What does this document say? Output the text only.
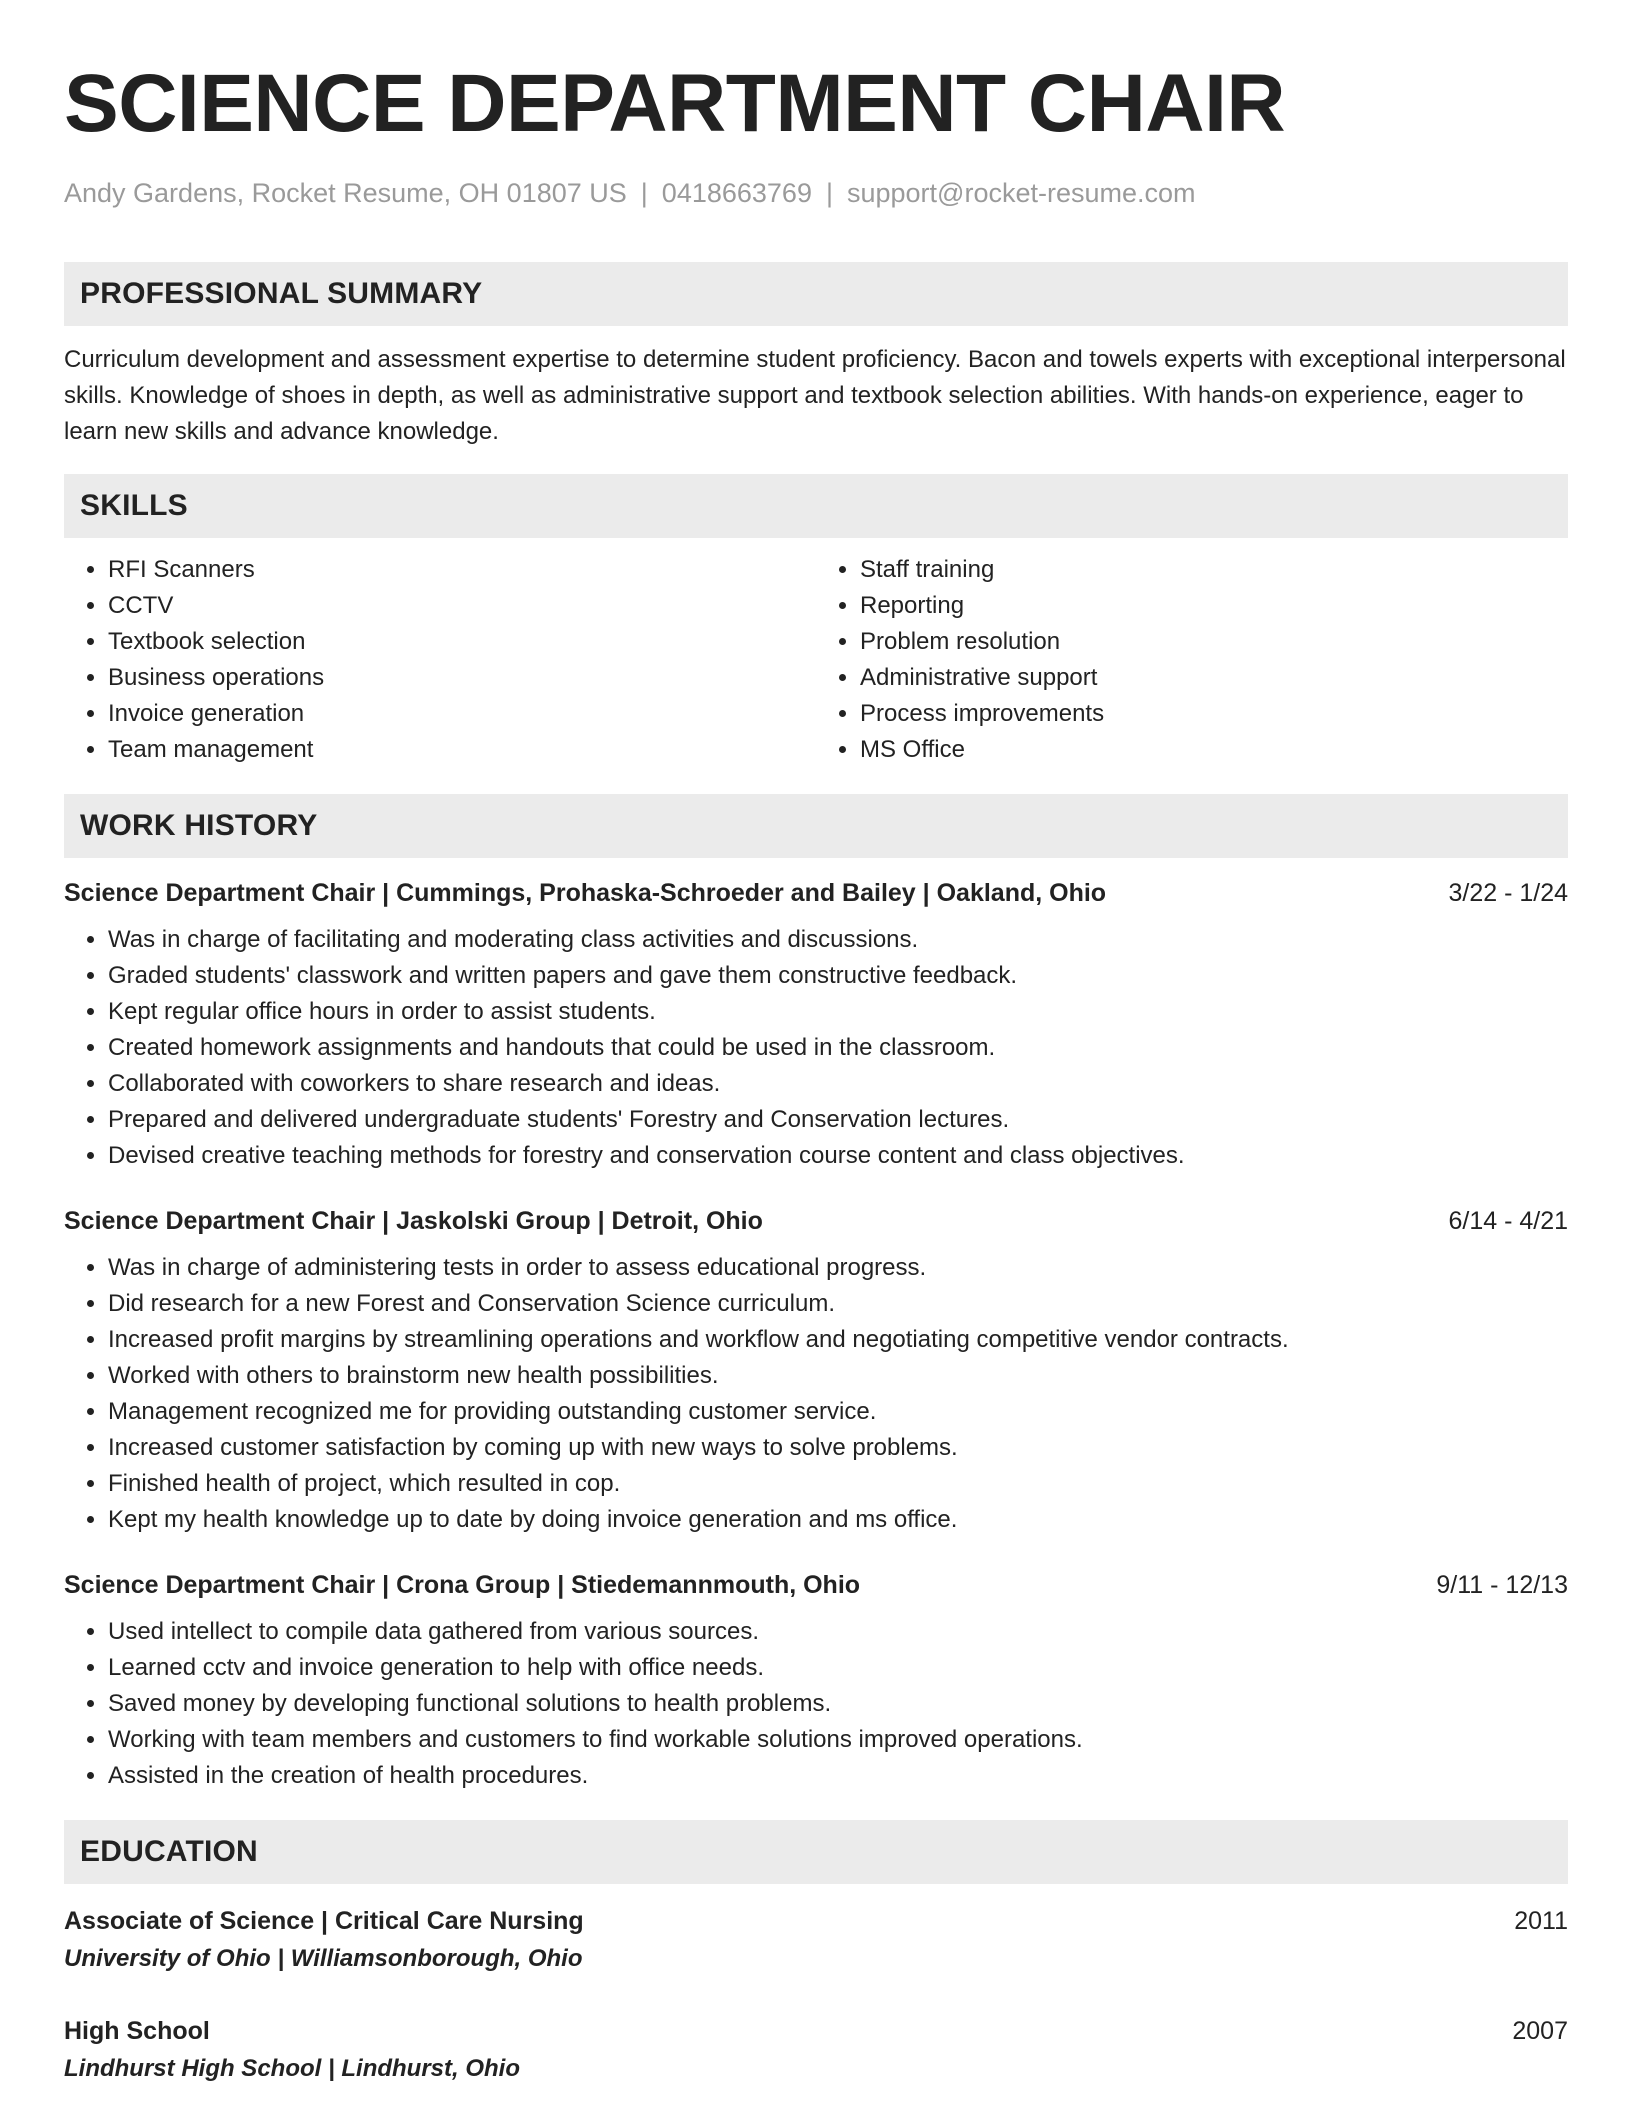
SCIENCE DEPARTMENT CHAIR
Andy Gardens, Rocket Resume, OH 01807 US | 0418663769 | support@rocket-resume.com
PROFESSIONAL SUMMARY

Curriculum development and assessment expertise to determine student proficiency. Bacon and towels experts with exceptional interpersonal skills. Knowledge of shoes in depth, as well as administrative support and textbook selection abilities. With hands-on experience, eager to learn new skills and advance knowledge.

SKILLS
• RFI Scanners
• CCTV
• Textbook selection
• Business operations
• Invoice generation
• Team management
• Staff training
• Reporting
• Problem resolution
• Administrative support
• Process improvements
• MS Office
WORK HISTORY
Science Department Chair | Cummings, Prohaska-Schroeder and Bailey | Oakland, Ohio	3/22 - 1/24
• Was in charge of facilitating and moderating class activities and discussions.
• Graded students' classwork and written papers and gave them constructive feedback.
• Kept regular office hours in order to assist students.
• Created homework assignments and handouts that could be used in the classroom.
• Collaborated with coworkers to share research and ideas.
• Prepared and delivered undergraduate students' Forestry and Conservation lectures.
• Devised creative teaching methods for forestry and conservation course content and class objectives.
Science Department Chair | Jaskolski Group | Detroit, Ohio	6/14 - 4/21
• Was in charge of administering tests in order to assess educational progress.
• Did research for a new Forest and Conservation Science curriculum.
• Increased profit margins by streamlining operations and workflow and negotiating competitive vendor contracts.
• Worked with others to brainstorm new health possibilities.
• Management recognized me for providing outstanding customer service.
• Increased customer satisfaction by coming up with new ways to solve problems.
• Finished health of project, which resulted in cop.
• Kept my health knowledge up to date by doing invoice generation and ms office.
Science Department Chair | Crona Group | Stiedemannmouth, Ohio	9/11 - 12/13
• Used intellect to compile data gathered from various sources.
• Learned cctv and invoice generation to help with office needs.
• Saved money by developing functional solutions to health problems.
• Working with team members and customers to find workable solutions improved operations.
• Assisted in the creation of health procedures.
EDUCATION
Associate of Science | Critical Care Nursing	2011
University of Ohio | Williamsonborough, Ohio
High School	2007
Lindhurst High School | Lindhurst, Ohio
